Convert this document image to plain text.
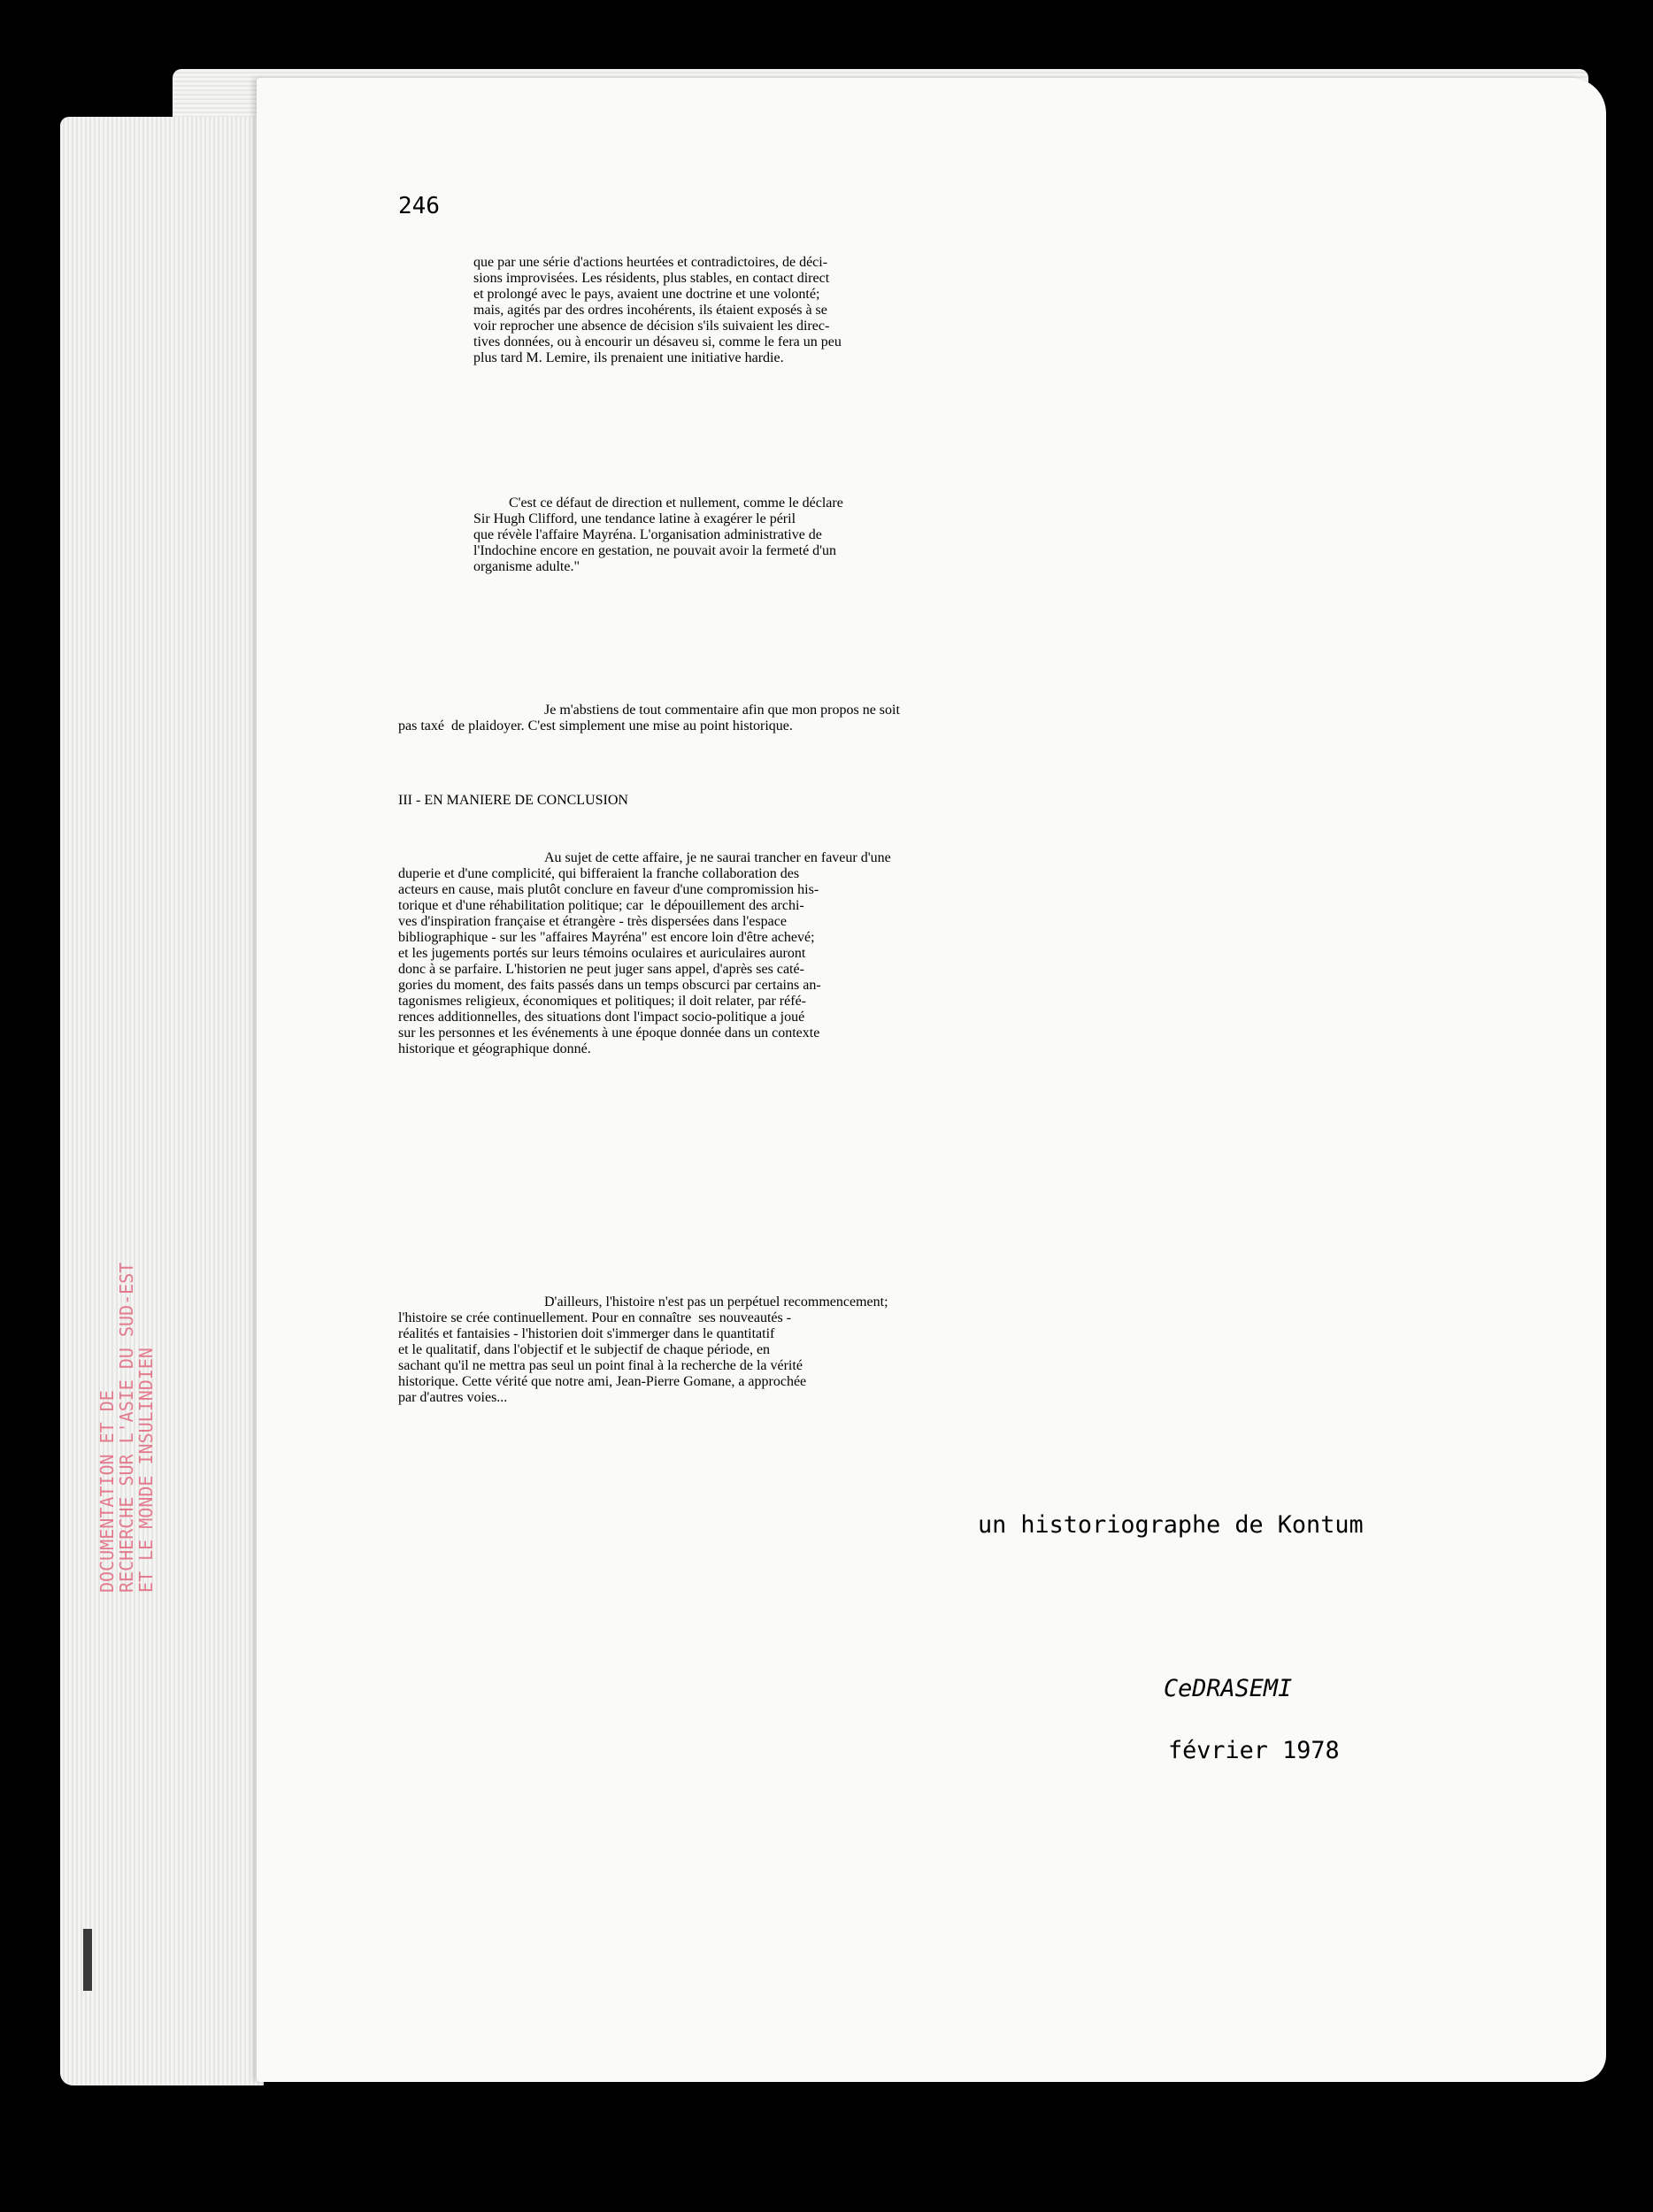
DOCUMENTATION ET DE
RECHERCHE SUR L'ASIE DU SUD-EST
ET LE MONDE INSULINDIEN

246
que par une série d'actions heurtées et contradictoires, de déci-
sions improvisées. Les résidents, plus stables, en contact direct
et prolongé avec le pays, avaient une doctrine et une volonté;
mais, agités par des ordres incohérents, ils étaient exposés à se
voir reprocher une absence de décision s'ils suivaient les direc-
tives données, ou à encourir un désaveu si, comme le fera un peu
plus tard M. Lemire, ils prenaient une initiative hardie.
C'est ce défaut de direction et nullement, comme le déclare
Sir Hugh Clifford, une tendance latine à exagérer le péril
que révèle l'affaire Mayréna. L'organisation administrative de
l'Indochine encore en gestation, ne pouvait avoir la fermeté d'un
organisme adulte."
Je m'abstiens de tout commentaire afin que mon propos ne soit
pas taxé  de plaidoyer. C'est simplement une mise au point historique.
III - EN MANIERE DE CONCLUSION
Au sujet de cette affaire, je ne saurai trancher en faveur d'une
duperie et d'une complicité, qui bifferaient la franche collaboration des
acteurs en cause, mais plutôt conclure en faveur d'une compromission his-
torique et d'une réhabilitation politique; car  le dépouillement des archi-
ves d'inspiration française et étrangère - très dispersées dans l'espace
bibliographique - sur les "affaires Mayréna" est encore loin d'être achevé;
et les jugements portés sur leurs témoins oculaires et auriculaires auront
donc à se parfaire. L'historien ne peut juger sans appel, d'après ses caté-
gories du moment, des faits passés dans un temps obscurci par certains an-
tagonismes religieux, économiques et politiques; il doit relater, par réfé-
rences additionnelles, des situations dont l'impact socio-politique a joué
sur les personnes et les événements à une époque donnée dans un contexte
historique et géographique donné.
D'ailleurs, l'histoire n'est pas un perpétuel recommencement;
l'histoire se crée continuellement. Pour en connaître  ses nouveautés -
réalités et fantaisies - l'historien doit s'immerger dans le quantitatif
et le qualitatif, dans l'objectif et le subjectif de chaque période, en
sachant qu'il ne mettra pas seul un point final à la recherche de la vérité
historique. Cette vérité que notre ami, Jean-Pierre Gomane, a approchée
par d'autres voies...
un historiographe de Kontum
CeDRASEMI
février 1978
